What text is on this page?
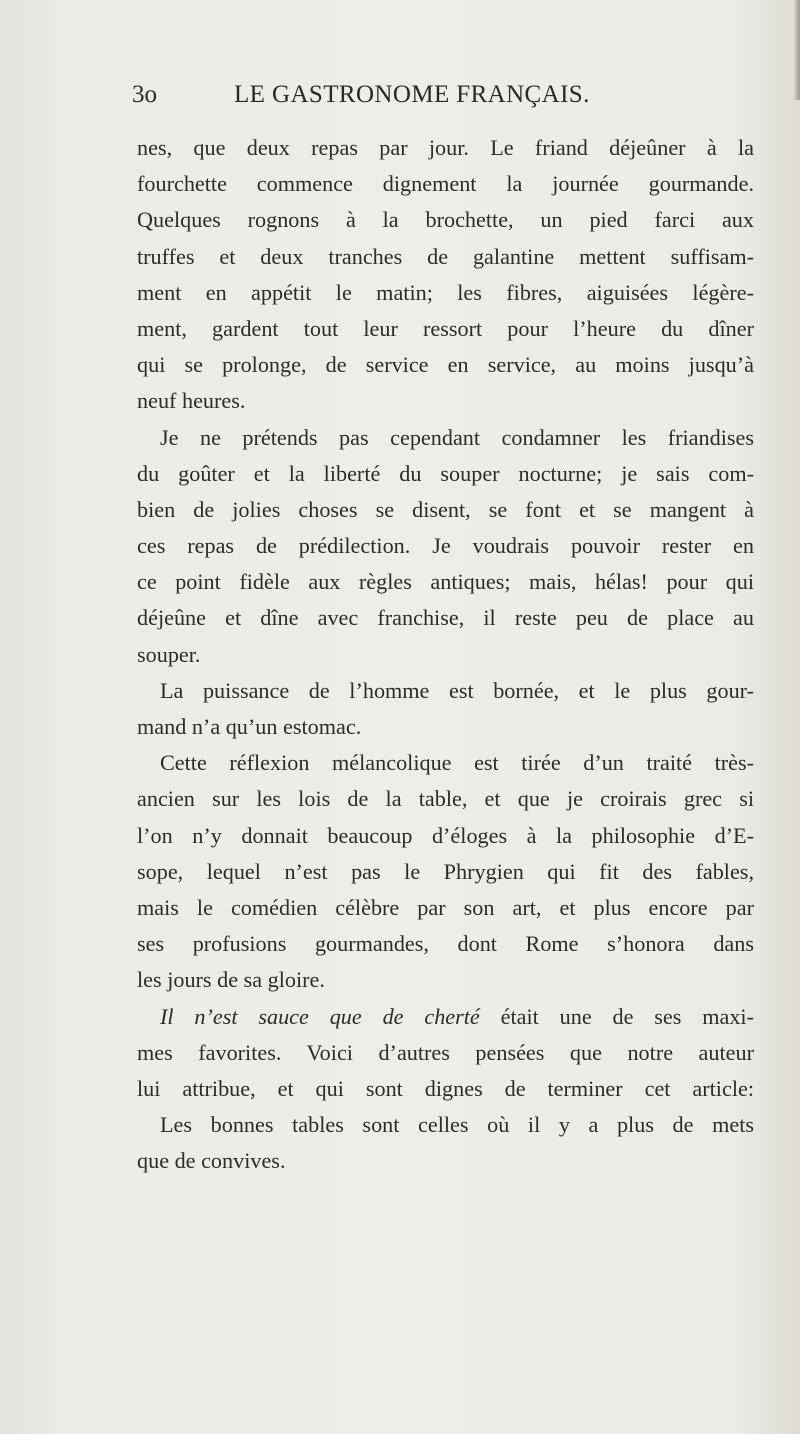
3o	LE GASTRONOME FRANÇAIS.
nes, que deux repas par jour. Le friand déjeûner à la
fourchette commence dignement la journée gourmande.
Quelques rognons à la brochette, un pied farci aux
truffes et deux tranches de galantine mettent suffisam-
ment en appétit le matin; les fibres, aiguisées légère-
ment, gardent tout leur ressort pour l’heure du dîner
qui se prolonge, de service en service, au moins jusqu’à
neuf heures.
Je ne prétends pas cependant condamner les friandises
du goûter et la liberté du souper nocturne; je sais com-
bien de jolies choses se disent, se font et se mangent à
ces repas de prédilection. Je voudrais pouvoir rester en
ce point fidèle aux règles antiques; mais, hélas! pour qui
déjeûne et dîne avec franchise, il reste peu de place au
souper.
La puissance de l’homme est bornée, et le plus gour-
mand n’a qu’un estomac.
Cette réflexion mélancolique est tirée d’un traité très-
ancien sur les lois de la table, et que je croirais grec si
l’on n’y donnait beaucoup d’éloges à la philosophie d’E-
sope, lequel n’est pas le Phrygien qui fit des fables,
mais le comédien célèbre par son art, et plus encore par
ses profusions gourmandes, dont Rome s’honora dans
les jours de sa gloire.
Il n’est sauce que de cherté était une de ses maxi-
mes favorites. Voici d’autres pensées que notre auteur
lui attribue, et qui sont dignes de terminer cet article:
Les bonnes tables sont celles où il y a plus de mets
que de convives.
